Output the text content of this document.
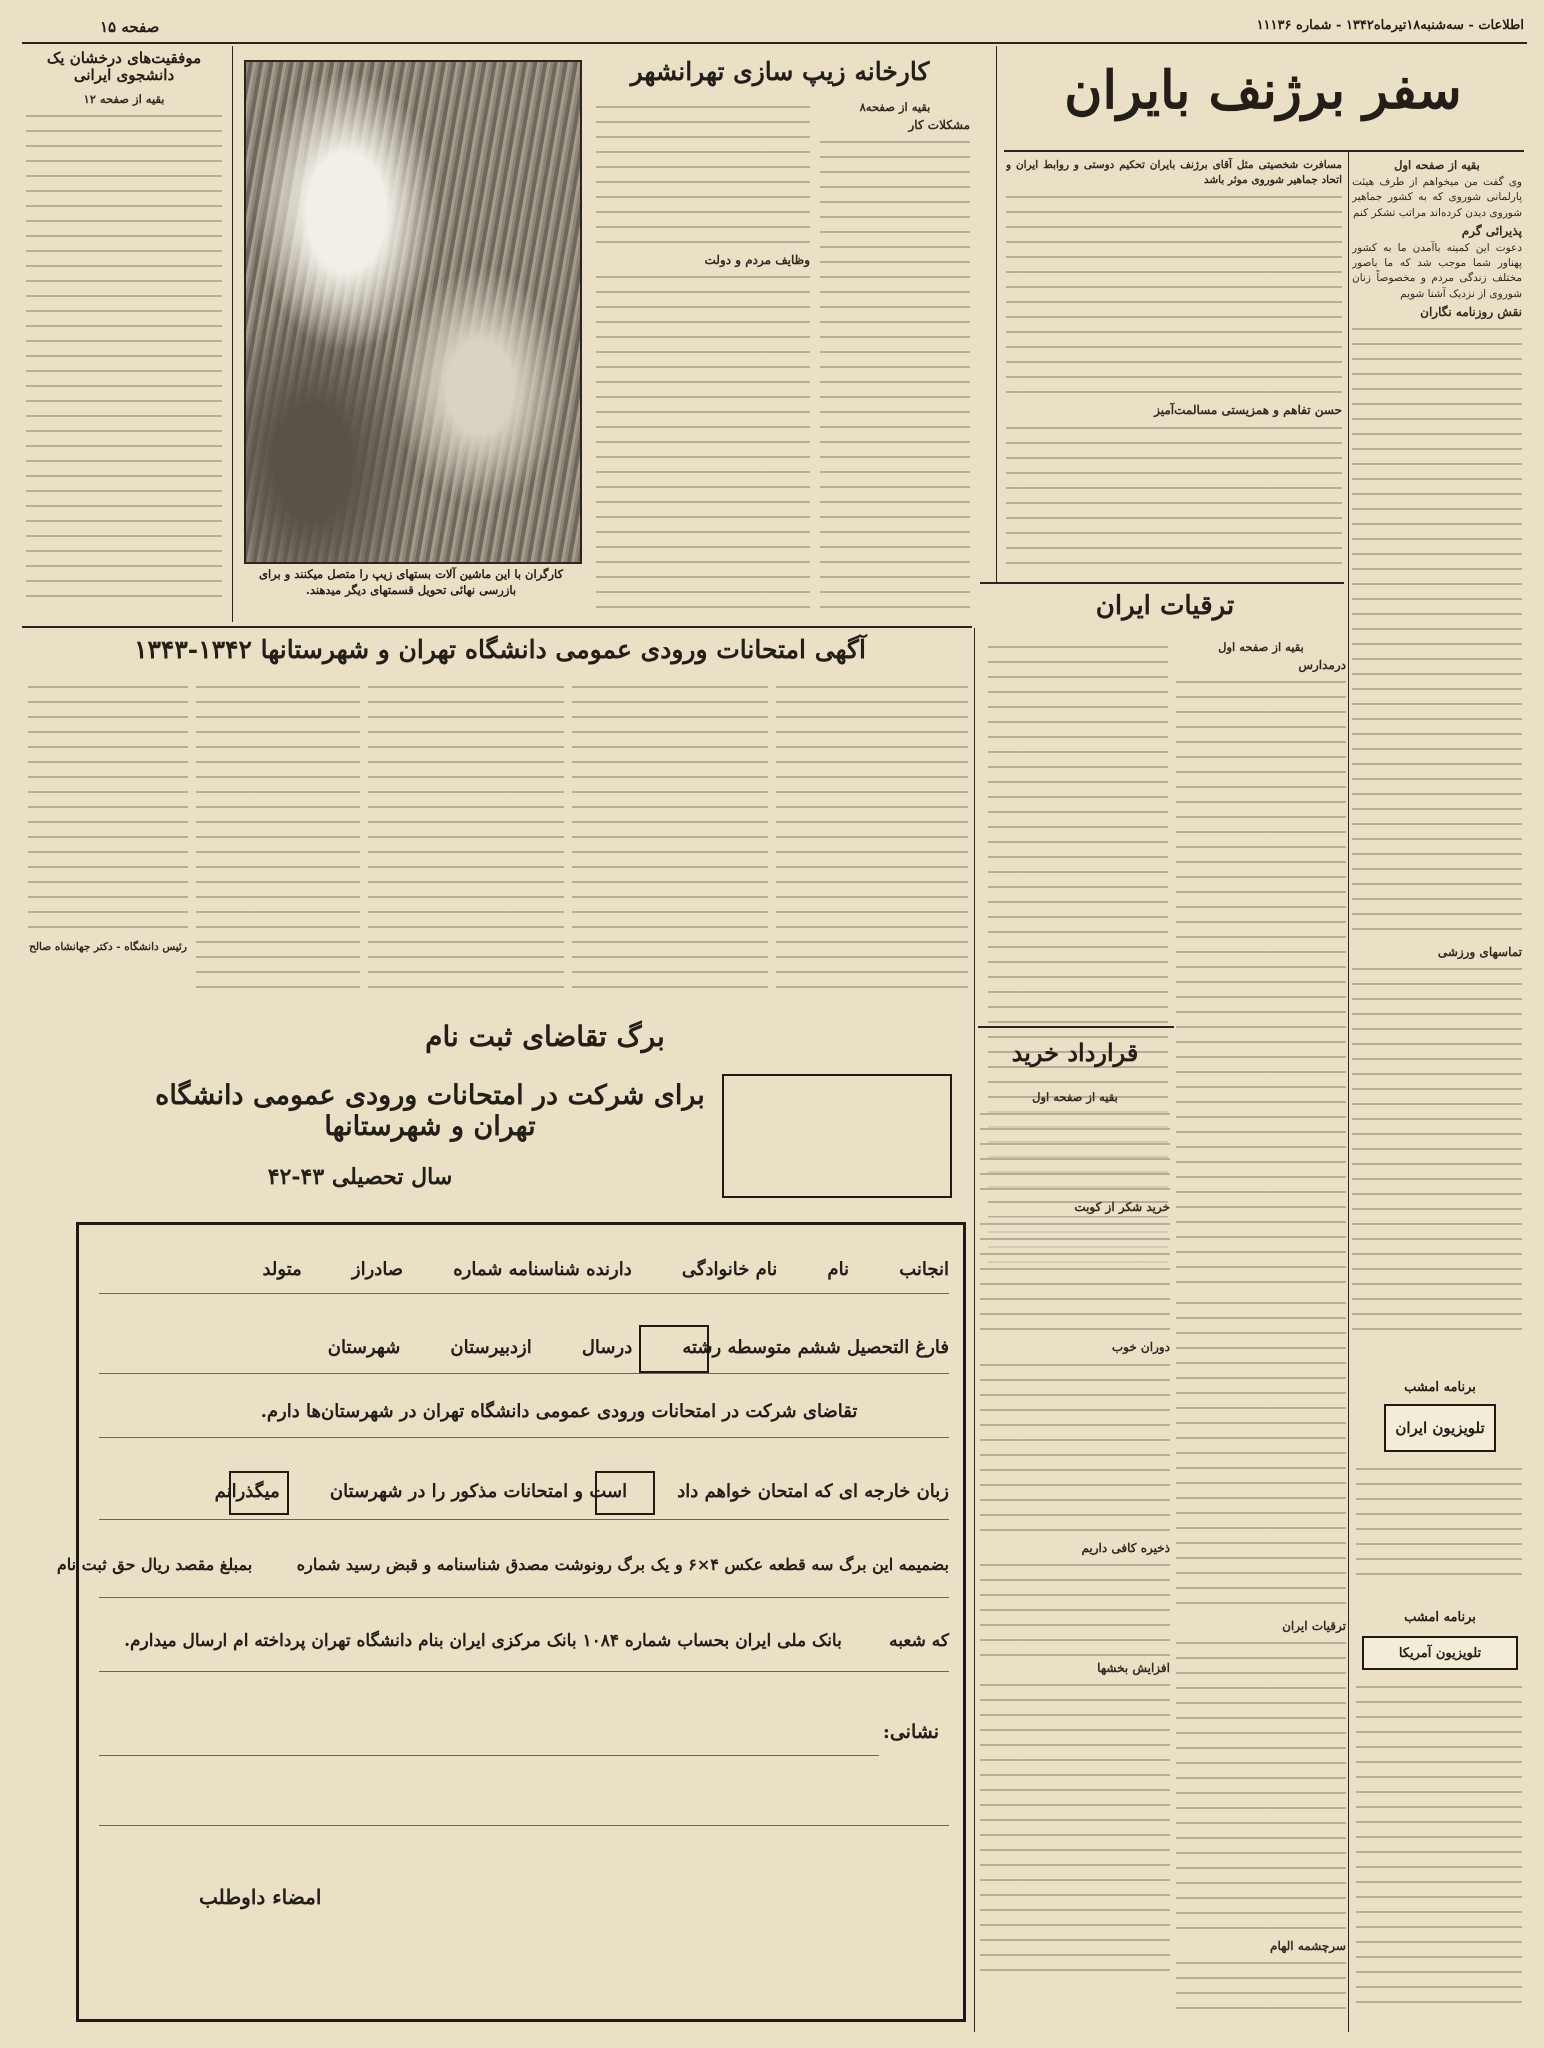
صفحه ۱۵	اطلاعات - سه‌شنبه۱۸تیرماه۱۳۴۲ - شماره ۱۱۱۳۶
موفقیت‌های درخشان یک دانشجوی ایرانی
بقیه از صفحه ۱۲
کارخانه زیپ سازی تهرانشهر
کارگران با این ماشین آلات بستهای زیپ را متصل میکنند و برای بازرسی نهائی تحویل قسمتهای دیگر میدهند.
بقیه از صفحه۸
مشکلات کار
وظایف مردم و دولت
سفر برژنف بایران
بقیه از صفحه اول

وی گفت من میخواهم از طرف هیئت پارلمانی شوروی که به کشور جماهیر شوروی دیدن کرده‌اند مراتب تشکر کنم

پذیرائی گرم

دعوت این کمیته باآمدن ما به کشور پهناور شما موجب شد که ما باصور مختلف زندگی مردم و مخصوصاً زنان شوروی از نزدیک آشنا شویم

نقش روزنامه نگاران
تماسهای ورزشی

مسافرت شخصیتی مثل آقای برژنف بایران تحکیم دوستی و روابط ایران و اتحاد جماهیر شوروی موثر باشد

حسن تفاهم و همزیستی مسالمت‌آمیز
برنامه امشب
تلویزیون ایران
برنامه امشب
تلویزیون آمریکا
آگهی امتحانات ورودی عمومی دانشگاه تهران و شهرستانها ۱۳۴۲-۱۳۴۳

رئیس دانشگاه - دکتر جهانشاه صالح

برگ تقاضای ثبت نام
برای شرکت در امتحانات ورودی عمومی دانشگاه تهران و شهرستانها
سال تحصیلی ۴۳-۴۲
انجانب        نام        نام خانوادگی        دارنده شناسنامه شماره        صادراز        متولد
فارغ التحصیل ششم متوسطه رشته        درسال        ازدبیرستان        شهرستان
تقاضای شرکت در امتحانات ورودی عمومی دانشگاه تهران در شهرستان‌ها دارم.
زبان خارجه ای که امتحان خواهم داد        است و امتحانات مذکور را در شهرستان        میگذرانم
بضمیمه این برگ سه قطعه عکس ۴×۶ و یک برگ رونوشت مصدق شناسنامه و قبض رسید شماره        بمبلغ مقصد ریال حق ثبت نام
که شعبه        بانک ملی ایران بحساب شماره ۱۰۸۴ بانک مرکزی ایران بنام دانشگاه تهران پرداخته ام ارسال میدارم.
نشانی:
امضاء داوطلب
ترقیات ایران
بقیه از صفحه اول
درمدارس
ترقیات ایران
سرچشمه الهام
قرارداد خرید
بقیه از صفحه اول
خرید شکر از کوبت
دوران خوب
ذخیره کافی داریم
افزایش بخشها
